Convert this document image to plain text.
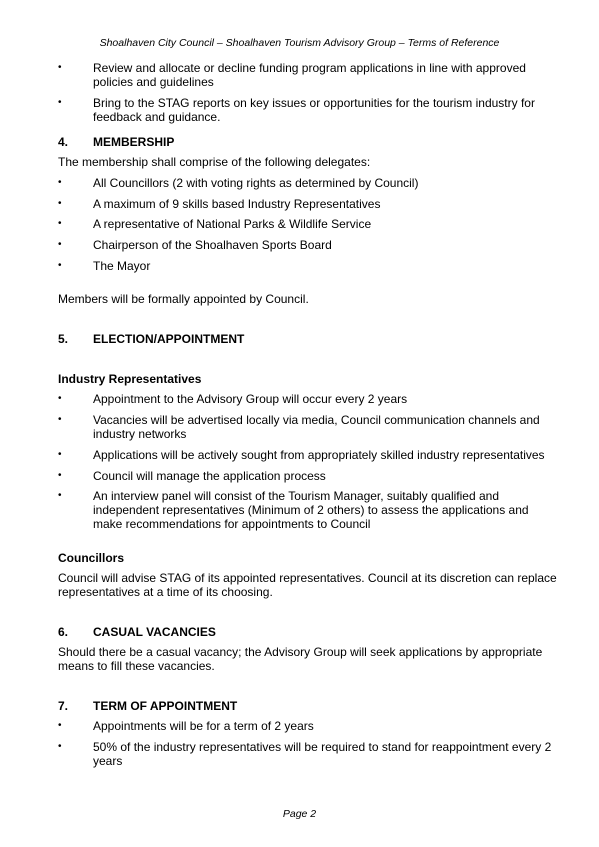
Shoalhaven City Council – Shoalhaven Tourism Advisory Group – Terms of Reference
•	Review and allocate or decline funding program applications in line with approved policies and guidelines
•	Bring to the STAG reports on key issues or opportunities for the tourism industry for feedback and guidance.
4. MEMBERSHIP
The membership shall comprise of the following delegates:
•	All Councillors (2 with voting rights as determined by Council)
•	A maximum of 9 skills based Industry Representatives
•	A representative of National Parks & Wildlife Service
•	Chairperson of the Shoalhaven Sports Board
•	The Mayor
Members will be formally appointed by Council.
5. ELECTION/APPOINTMENT
Industry Representatives
•	Appointment to the Advisory Group will occur every 2 years
•	Vacancies will be advertised locally via media, Council communication channels and industry networks
•	Applications will be actively sought from appropriately skilled industry representatives
•	Council will manage the application process
•	An interview panel will consist of the Tourism Manager, suitably qualified and independent representatives (Minimum of 2 others) to assess the applications and make recommendations for appointments to Council
Councillors
Council will advise STAG of its appointed representatives. Council at its discretion can replace representatives at a time of its choosing.
6. CASUAL VACANCIES
Should there be a casual vacancy; the Advisory Group will seek applications by appropriate means to fill these vacancies.
7. TERM OF APPOINTMENT
•	Appointments will be for a term of 2 years
•	50% of the industry representatives will be required to stand for reappointment every 2 years
Page 2
